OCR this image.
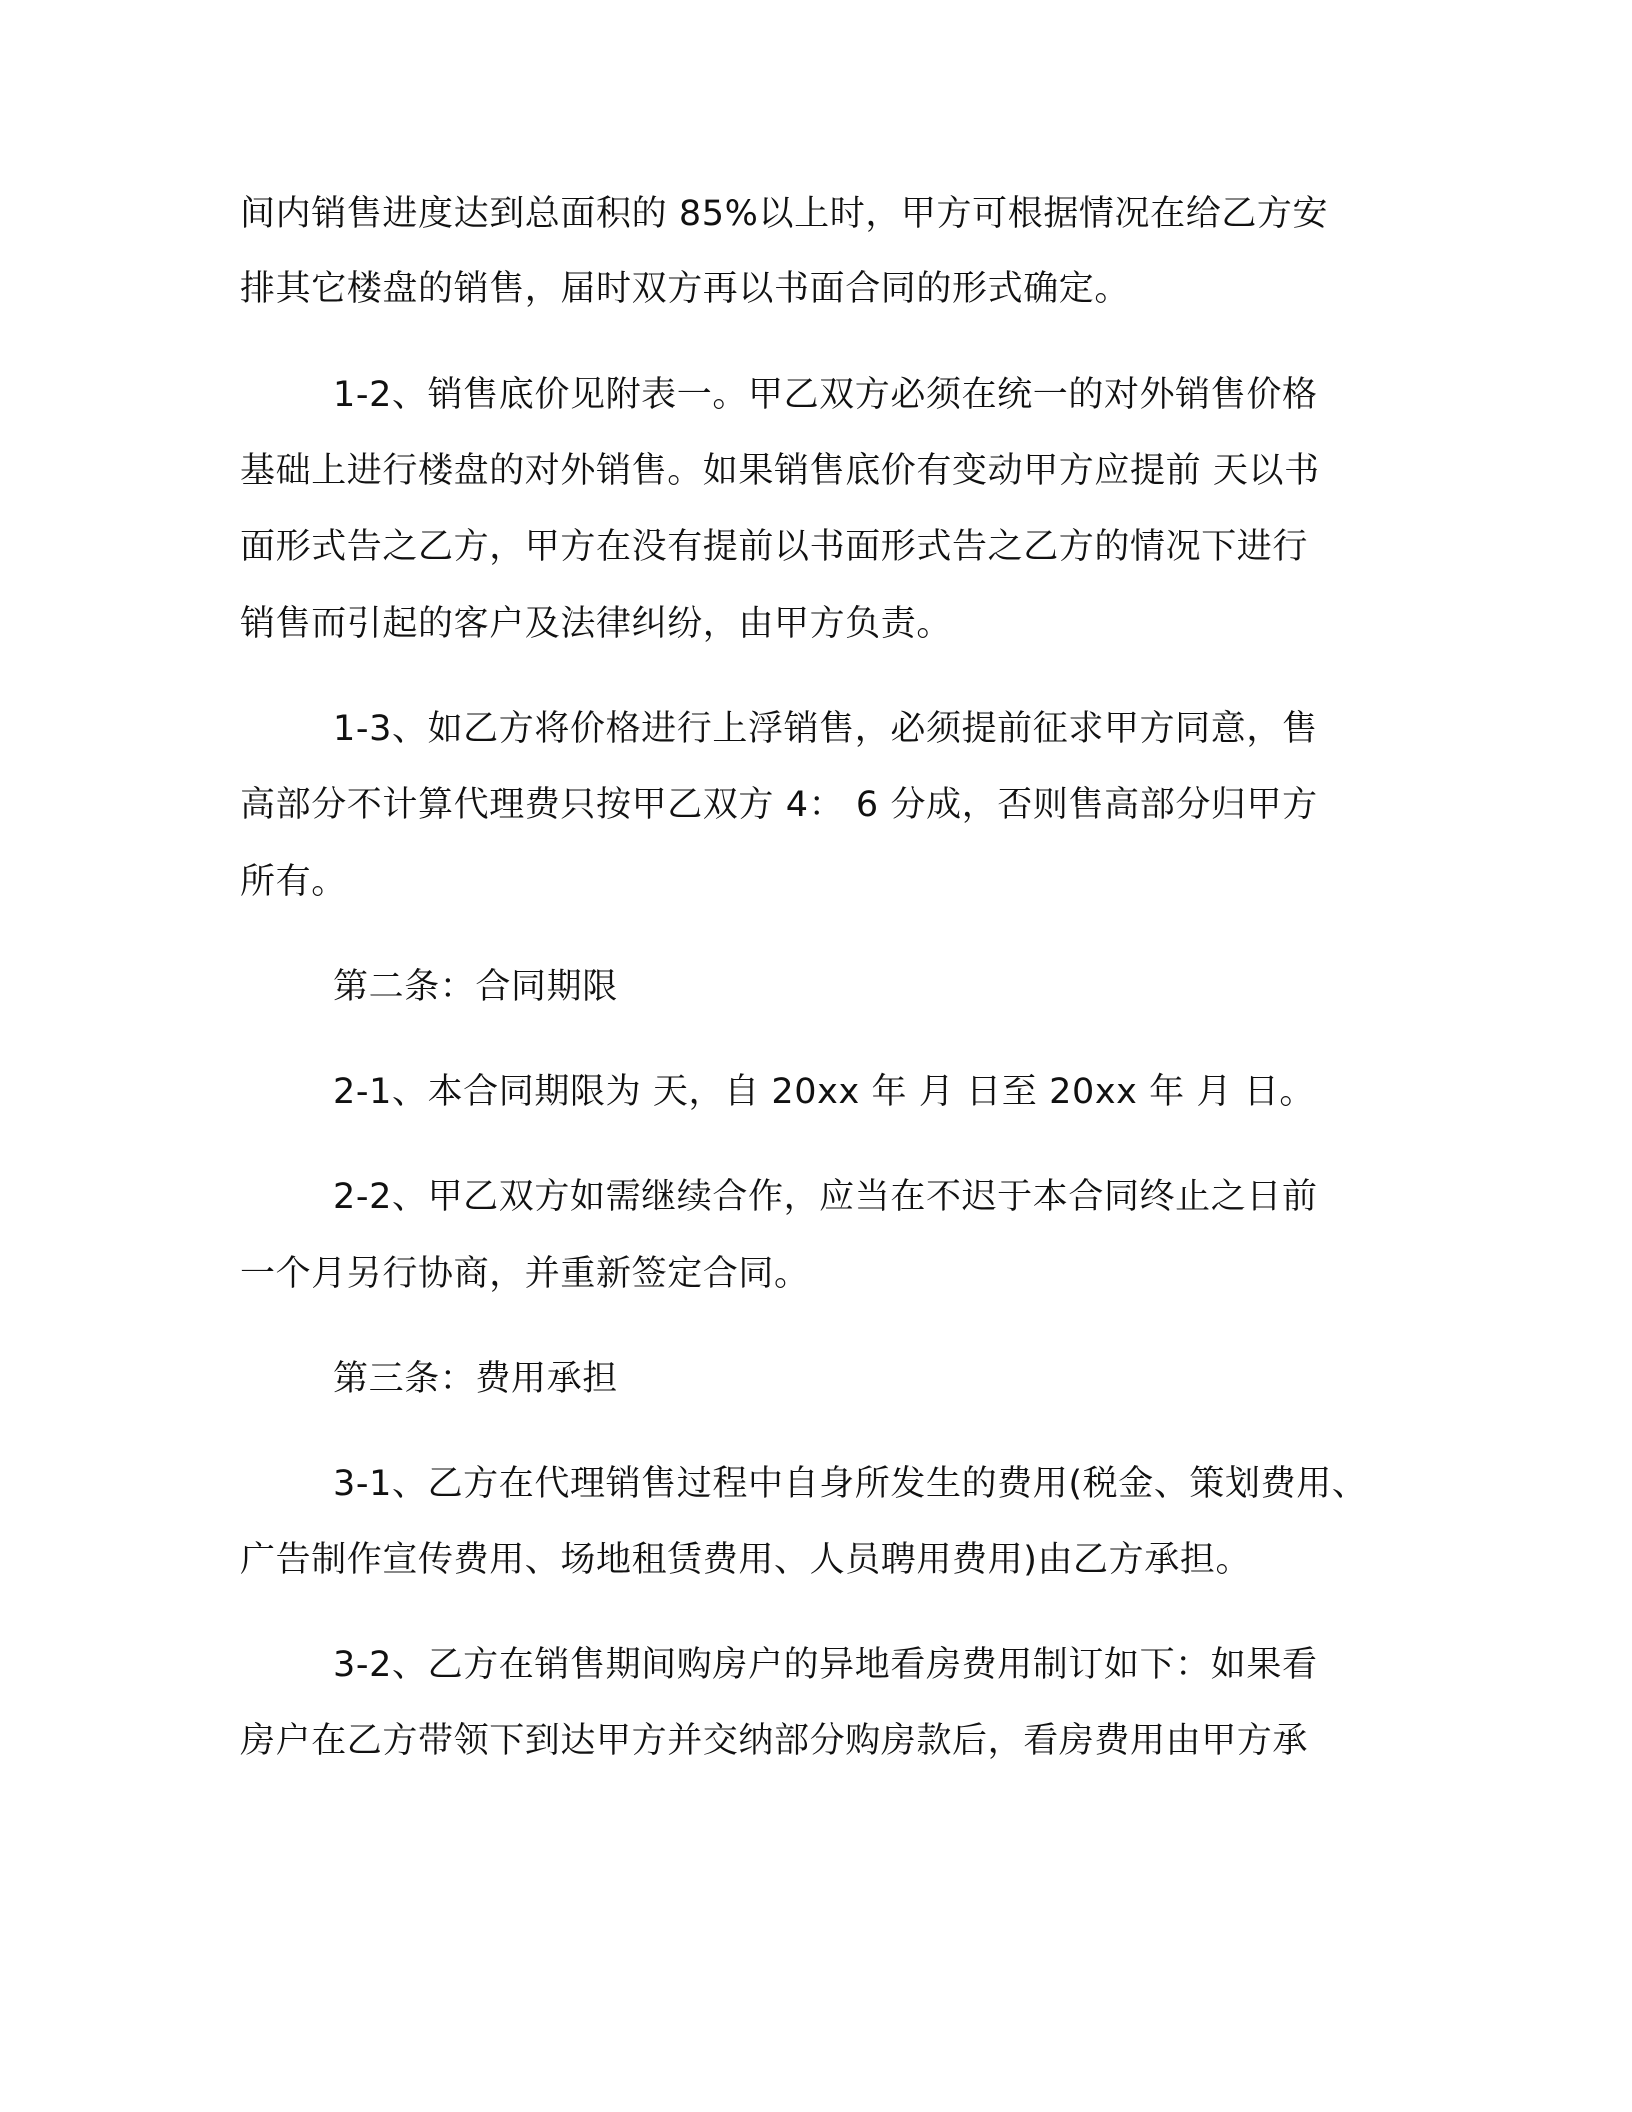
间内销售进度达到总面积的 85%以上时，甲方可根据情况在给乙方安
排其它楼盘的销售，届时双方再以书面合同的形式确定。
1-2、销售底价见附表一。甲乙双方必须在统一的对外销售价格
基础上进行楼盘的对外销售。如果销售底价有变动甲方应提前 天以书
面形式告之乙方，甲方在没有提前以书面形式告之乙方的情况下进行
销售而引起的客户及法律纠纷，由甲方负责。
1-3、如乙方将价格进行上浮销售，必须提前征求甲方同意，售
高部分不计算代理费只按甲乙双方 4： 6 分成，否则售高部分归甲方
所有。
第二条：合同期限
2-1、本合同期限为 天，自 20xx 年 月 日至 20xx 年 月 日。
2-2、甲乙双方如需继续合作，应当在不迟于本合同终止之日前
一个月另行协商，并重新签定合同。
第三条：费用承担
3-1、乙方在代理销售过程中自身所发生的费用(税金、策划费用、
广告制作宣传费用、场地租赁费用、人员聘用费用)由乙方承担。
3-2、乙方在销售期间购房户的异地看房费用制订如下：如果看
房户在乙方带领下到达甲方并交纳部分购房款后，看房费用由甲方承
